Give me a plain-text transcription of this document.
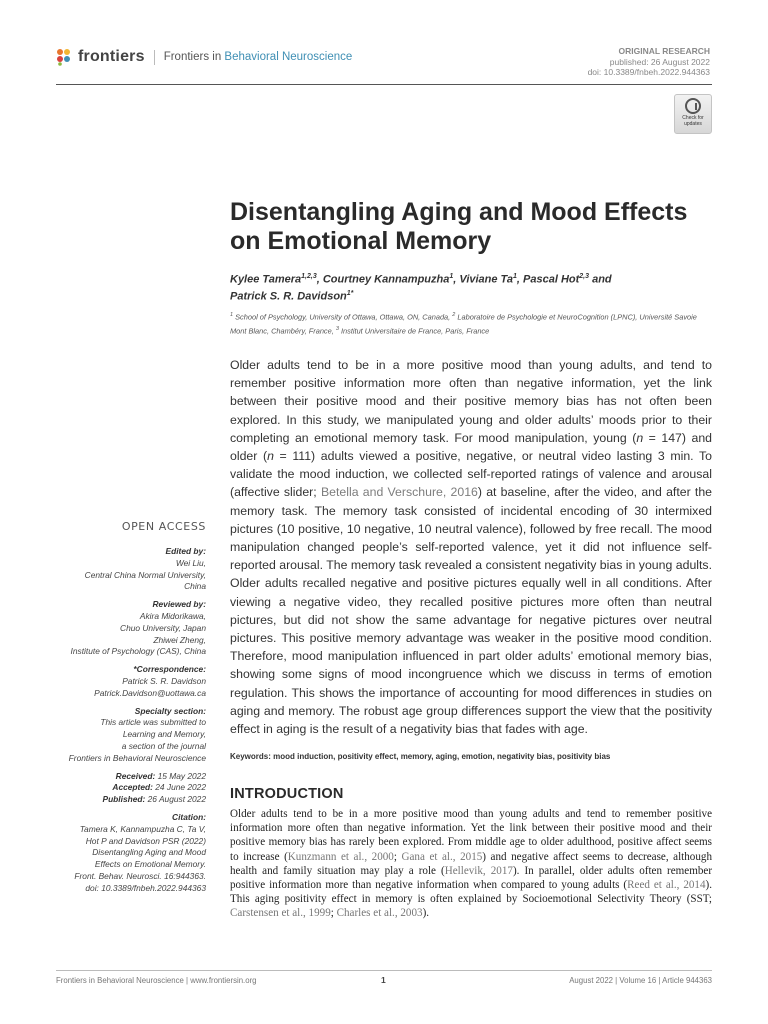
frontiers Frontiers in Behavioral Neuroscience	ORIGINAL RESEARCH
published: 26 August 2022
doi: 10.3389/fnbeh.2022.944363
Check for
updates
Disentangling Aging and Mood Effects on Emotional Memory
Kylee Tamera$^{1,2,3}$, Courtney Kannampuzha$^1$, Viviane Ta$^1$, Pascal Hot$^{2,3}$ and
Patrick S. R. Davidson$^{1*}$
$^1$ School of Psychology, University of Ottawa, Ottawa, ON, Canada, $^2$ Laboratoire de Psychologie et NeuroCognition (LPNC), Université Savoie Mont Blanc, Chambéry, France, $^3$ Institut Universitaire de France, Paris, France
Older adults tend to be in a more positive mood than young adults, and tend to remember positive information more often than negative information, yet the link between their positive mood and their positive memory bias has not often been explored. In this study, we manipulated young and older adults’ moods prior to their completing an emotional memory task. For mood manipulation, young (n = 147) and older (n = 111) adults viewed a positive, negative, or neutral video lasting 3 min. To validate the mood induction, we collected self-reported ratings of valence and arousal (affective slider; Betella and Verschure, 2016) at baseline, after the video, and after the memory task. The memory task consisted of incidental encoding of 30 intermixed pictures (10 positive, 10 negative, 10 neutral valence), followed by free recall. The mood manipulation changed people’s self-reported valence, yet it did not influence self-reported arousal. The memory task revealed a consistent negativity bias in young adults. Older adults recalled negative and positive pictures equally well in all conditions. After viewing a negative video, they recalled positive pictures more often than neutral pictures, but did not show the same advantage for negative pictures over neutral pictures. This positive memory advantage was weaker in the positive mood condition. Therefore, mood manipulation influenced in part older adults’ emotional memory bias, showing some signs of mood incongruence which we discuss in terms of emotion regulation. This shows the importance of accounting for mood differences in studies on aging and memory. The robust age group differences support the view that the positivity effect in aging is the result of a negativity bias that fades with age.
Keywords: mood induction, positivity effect, memory, aging, emotion, negativity bias, positivity bias
OPEN ACCESS
Edited by:
Wei Liu,
Central China Normal University,
China
Reviewed by:
Akira Midorikawa,
Chuo University, Japan
Zhiwei Zheng,
Institute of Psychology (CAS), China
*Correspondence:
Patrick S. R. Davidson
Patrick.Davidson@uottawa.ca
Specialty section:
This article was submitted to
Learning and Memory,
a section of the journal
Frontiers in Behavioral Neuroscience
Received: 15 May 2022
Accepted: 24 June 2022
Published: 26 August 2022
Citation:
Tamera K, Kannampuzha C, Ta V,
Hot P and Davidson PSR (2022)
Disentangling Aging and Mood
Effects on Emotional Memory.
Front. Behav. Neurosci. 16:944363.
doi: 10.3389/fnbeh.2022.944363
INTRODUCTION
Older adults tend to be in a more positive mood than young adults and tend to remember positive information more often than negative information. Yet the link between their positive mood and their positive memory bias has rarely been explored. From middle age to older adulthood, positive affect seems to increase (Kunzmann et al., 2000; Gana et al., 2015) and negative affect seems to decrease, although health and family situation may play a role (Hellevik, 2017). In parallel, older adults often remember positive information more than negative information when compared to young adults (Reed et al., 2014). This aging positivity effect in memory is often explained by Socioemotional Selectivity Theory (SST; Carstensen et al., 1999; Charles et al., 2003).
Frontiers in Behavioral Neuroscience | www.frontiersin.org	1	August 2022 | Volume 16 | Article 944363
